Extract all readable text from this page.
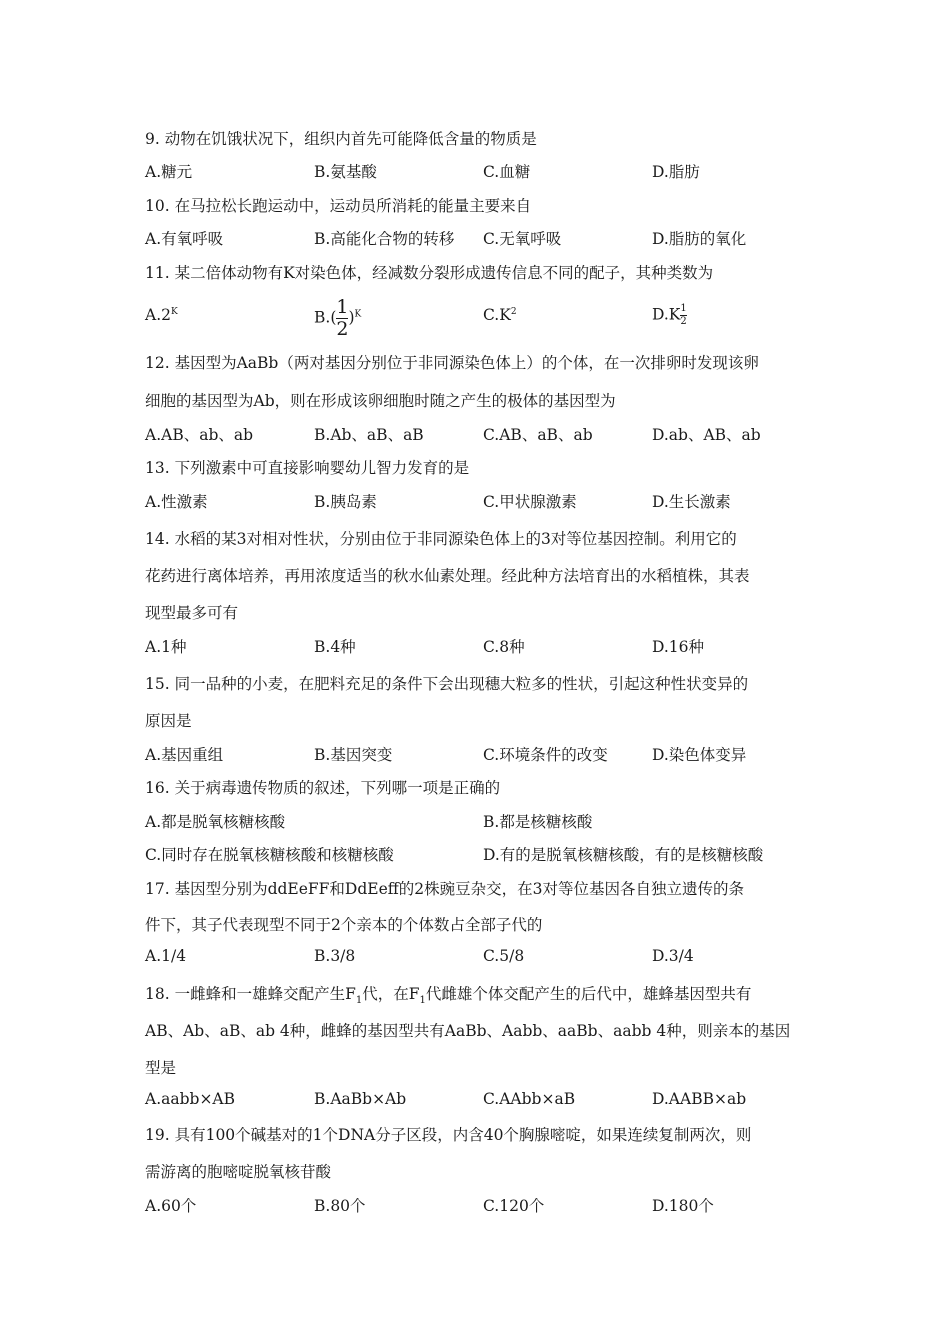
9. 动物在饥饿状况下，组织内首先可能降低含量的物质是
A.糖元	B.氨基酸	C.血糖	D.脂肪
10. 在马拉松长跑运动中，运动员所消耗的能量主要来自
A.有氧呼吸	B.高能化合物的转移 C.无氧呼吸	D.脂肪的氧化
11. 某二倍体动物有K对染色体，经减数分裂形成遗传信息不同的配子，其种类数为
$A.2^K$	$B.( \frac{1}{2} )^K$	$C.K^2$	$D.K \frac{1}{2}$
12. 基因型为AaBb（两对基因分别位于非同源染色体上）的个体，在一次排卵时发现该卵
细胞的基因型为Ab，则在形成该卵细胞时随之产生的极体的基因型为
A.AB、ab、ab	B.Ab、aB、aB	C.AB、aB、ab	D.ab、AB、ab
13. 下列激素中可直接影响婴幼儿智力发育的是
A.性激素	B.胰岛素	C.甲状腺激素	D.生长激素
14. 水稻的某3对相对性状，分别由位于非同源染色体上的3对等位基因控制。利用它的
花药进行离体培养，再用浓度适当的秋水仙素处理。经此种方法培育出的水稻植株，其表
现型最多可有
A.1种	B.4种	C.8种	D.16种
15. 同一品种的小麦，在肥料充足的条件下会出现穗大粒多的性状，引起这种性状变异的
原因是
A.基因重组	B.基因突变	C.环境条件的改变	D.染色体变异
16. 关于病毒遗传物质的叙述，下列哪一项是正确的
A.都是脱氧核糖核酸	B.都是核糖核酸
C.同时存在脱氧核糖核酸和核糖核酸	D.有的是脱氧核糖核酸，有的是核糖核酸
17. 基因型分别为ddEeFF和DdEeff的2株豌豆杂交，在3对等位基因各自独立遗传的条
件下，其子代表现型不同于2个亲本的个体数占全部子代的
A.1/4	B.3/8	C.5/8	D.3/4
18. 一雌蜂和一雄蜂交配产生$F_1$代，在$F_1$代雌雄个体交配产生的后代中，雄蜂基因型共有
AB、Ab、aB、ab 4种，雌蜂的基因型共有AaBb、Aabb、aaBb、aabb 4种，则亲本的基因
型是
A.aabb×AB	B.AaBb×Ab	C.AAbb×aB	D.AABB×ab
19. 具有100个碱基对的1个DNA分子区段，内含40个胸腺嘧啶，如果连续复制两次，则
需游离的胞嘧啶脱氧核苷酸
A.60个	B.80个	C.120个	D.180个
